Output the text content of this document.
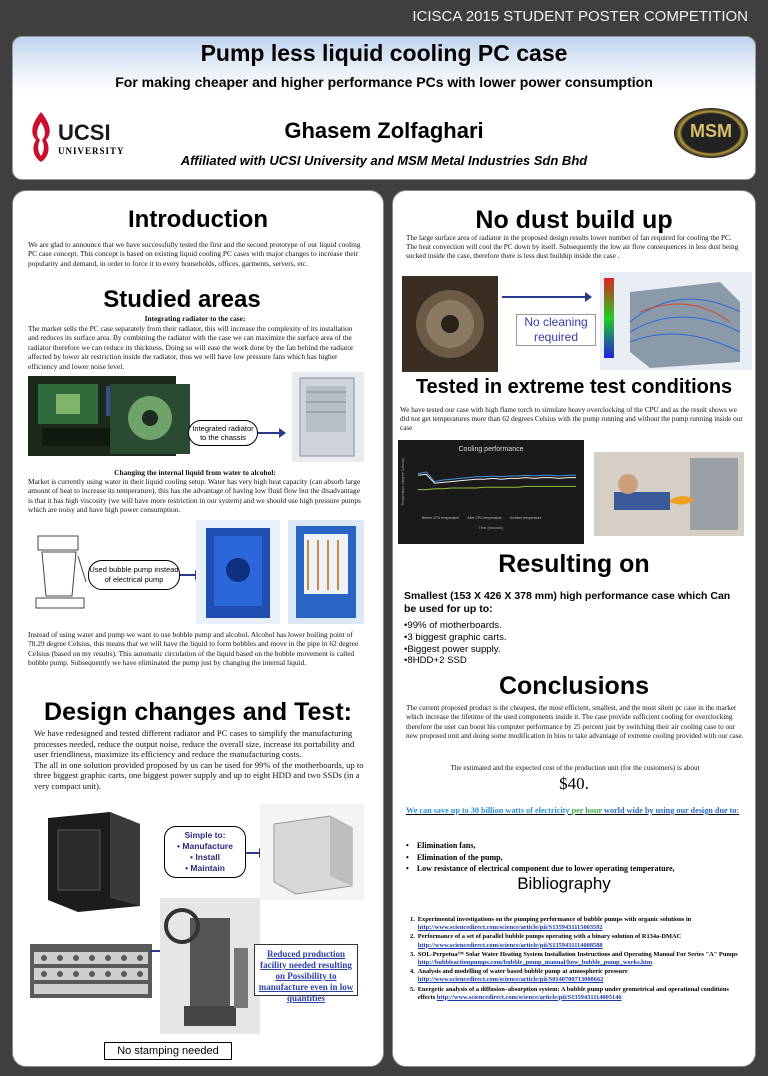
ICISCA 2015 STUDENT POSTER COMPETITION
Pump less liquid cooling PC case
For making cheaper and higher performance PCs with lower power consumption
UCSI
UNIVERSITY
MSM
Ghasem Zolfaghari
Affiliated with UCSI University and MSM Metal Industries Sdn Bhd
Introduction
We are glad to announce that we have successfully tested the first and the second prototype of our liquid cooling PC case concept. This concept is based on existing liquid cooling PC cases with major changes to increase their popularity and demand, in order to force it to every households, offices, garments, servers, etc.
Studied areas
Integrating radiator to the case:
The market sells the PC case separately from their radiator, this will increase the complexity of its installation and reduces its surface area. By combining the radiator with the case we can maximize the surface area of the radiator therefore we can reduce its thickness. Doing so will ease the work done by the fan behind the radiator affected by lower air restriction inside the radiator, thus we will have low pressure fans which has higher efficiency and lower noise level.
Integrated radiator to the chassis
Changing the internal liquid from water to alcohol:
Market is currently using water in their liquid cooling setup. Water has very high heat capacity (can absorb large amount of heat to increase its temperature), this has the advantage of having low fluid flow but the disadvantage is that it has high viscosity (we will have more restriction in our system) and we should use high pressure pumps which are noisy and have high power consumption.
Used bubble pump instead of electrical pump
Instead of using water and pump we want to use bobble pump and alcohol. Alcohol has lower boiling point of 78.29 degree Celsius, this means that we will have the liquid to form bobbles and move in the pipe in 62 degree Celsius (based on my results). This automatic circulation of the liquid based on the bobble movement is called bobble pump. Subsequently we have eliminated the pump just by changing the internal liquid.
Design changes and Test:
We have redesigned and tested different radiator and PC cases to simplify the manufacturing processes needed, reduce the output noise, reduce the overall size, increase its portability and user friendliness, maximize its efficiency and reduce the manufacturing costs.
The all in one solution provided proposed by us can be used for 99% of the motherboards, up to three biggest graphic carts, one biggest power supply and up to eight HDD and two SSDs (in a very compact unit).
Simple to:
• Manufacture
• Install
• Maintain
Reduced production facility needed resulting on Possibility to manufacture even in low quantities
No stamping needed
No dust build up
The large surface area of radiator in the proposed design results lower number of fan required for cooling the PC. The heat convection will cool the PC down by itself. Subsequently the low air flow consequences in less dust being sucked inside the case, therefore there is less dust buildup inside the case .
No cleaning required
Tested in extreme test conditions
We have tested our case with high flame torch to simulate heavy overclocking of the CPU and as the result shows we did not get temperatures more than 62 degrees Celsius with the pump running and without the pump running inside our case
Cooling performance
Temperature (degree Celsius)
Time (seconds)
Before CPU temperature After CPU temperature Ambient temperature
Resulting on
Smallest (153 X 426 X 378 mm) high performance case which Can be used for up to:
•99% of motherboards.
•3 biggest graphic carts.
•Biggest power supply.
•8HDD+2 SSD
Conclusions
The current proposed product is the cheapest, the most efficient, smallest, and the most silent pc case in the market which increase the lifetime of the used components inside it. The case provide sufficient cooling for overclocking therefore the user can boost his computer performance by 25 percent just by switching their air cooling case to our new proposed unit and doing some modification in bios to take advantage of extreme cooling provided with our case.
The estimated and the expected cost of the production unit (for the customers) is about
$40.
We can save up to 30 billion watts of electricity per hour world wide by using our design due to:
•    Elimination fans,
•    Elimination of the pump,
•    Low resistance of electrical component due to lower operating temperature,
Bibliography
1. Experimental investigations on the pumping performance of bubble pumps with organic solutions in http://www.sciencedirect.com/science/article/pii/S1359431115003592
2. Performance of a set of parallel bubble pumps operating with a binary solution of R134a-DMAC http://www.sciencedirect.com/science/article/pii/S1359431114008588
3. SOL-Perpetua™ Solar Water Heating System Installation Instructions and Operating Manual For Series "A" Pumps http://bubbleactionpumps.com/bubble_pump_manual/how_bubble_pump_works.htm
4. Analysis and modelling of water based bubble pump at atmospheric pressure http://www.sciencedirect.com/science/article/pii/S0140700713000662
5. Energetic analysis of a diffusion–absorption system: A bubble pump under geometrical and operational conditions effects http://www.sciencedirect.com/science/article/pii/S1359431114005146
